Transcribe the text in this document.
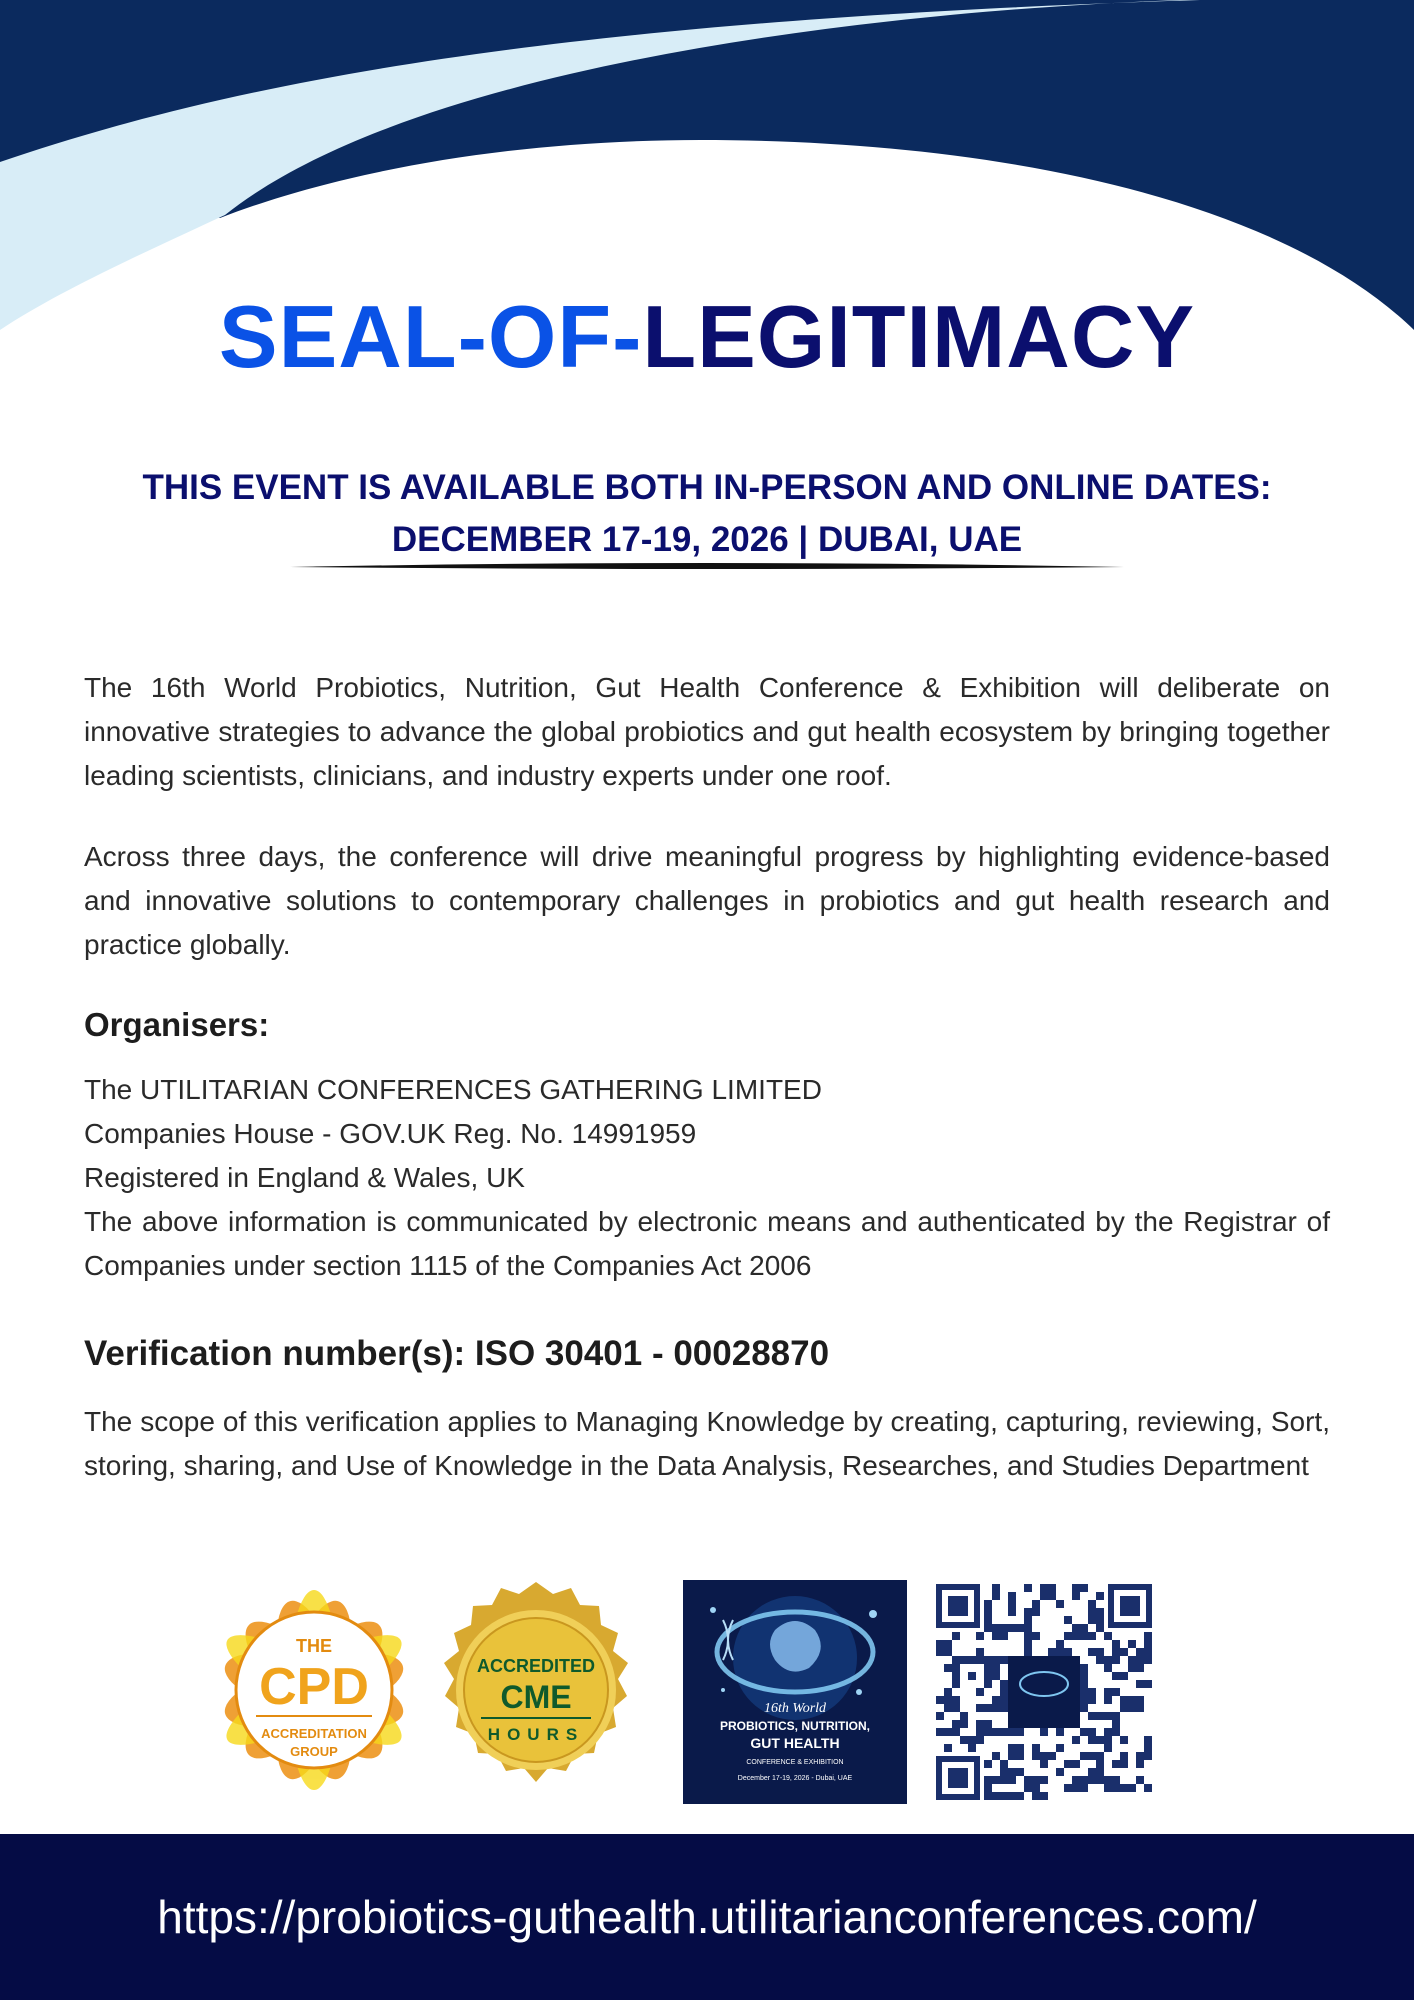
SEAL-OF-LEGITIMACY
THIS EVENT IS AVAILABLE BOTH IN-PERSON AND ONLINE DATES:
DECEMBER 17-19, 2026 | DUBAI, UAE

The 16th World Probiotics, Nutrition, Gut Health Conference & Exhibition will deliberate on innovative strategies to advance the global probiotics and gut health ecosystem by bringing together leading scientists, clinicians, and industry experts under one roof.

Across three days, the conference will drive meaningful progress by highlighting evidence-based and innovative solutions to contemporary challenges in probiotics and gut health research and practice globally.

Organisers:

The UTILITARIAN CONFERENCES GATHERING LIMITED
Companies House - GOV.UK Reg. No. 14991959
Registered in England & Wales, UK

The above information is communicated by electronic means and authenticated by the Registrar of Companies under section 1115 of the Companies Act 2006

Verification number(s): ISO 30401 - 00028870

The scope of this verification applies to Managing Knowledge by creating, capturing, reviewing, Sort, storing, sharing, and Use of Knowledge in the Data Analysis, Researches, and Studies Department

THE
CPD
ACCREDITATION
GROUP
ACCREDITED
CME
HOURS
16th World
PROBIOTICS, NUTRITION,
GUT HEALTH
CONFERENCE & EXHIBITION
December 17-19, 2026 - Dubai, UAE
https://probiotics-guthealth.utilitarianconferences.com/
